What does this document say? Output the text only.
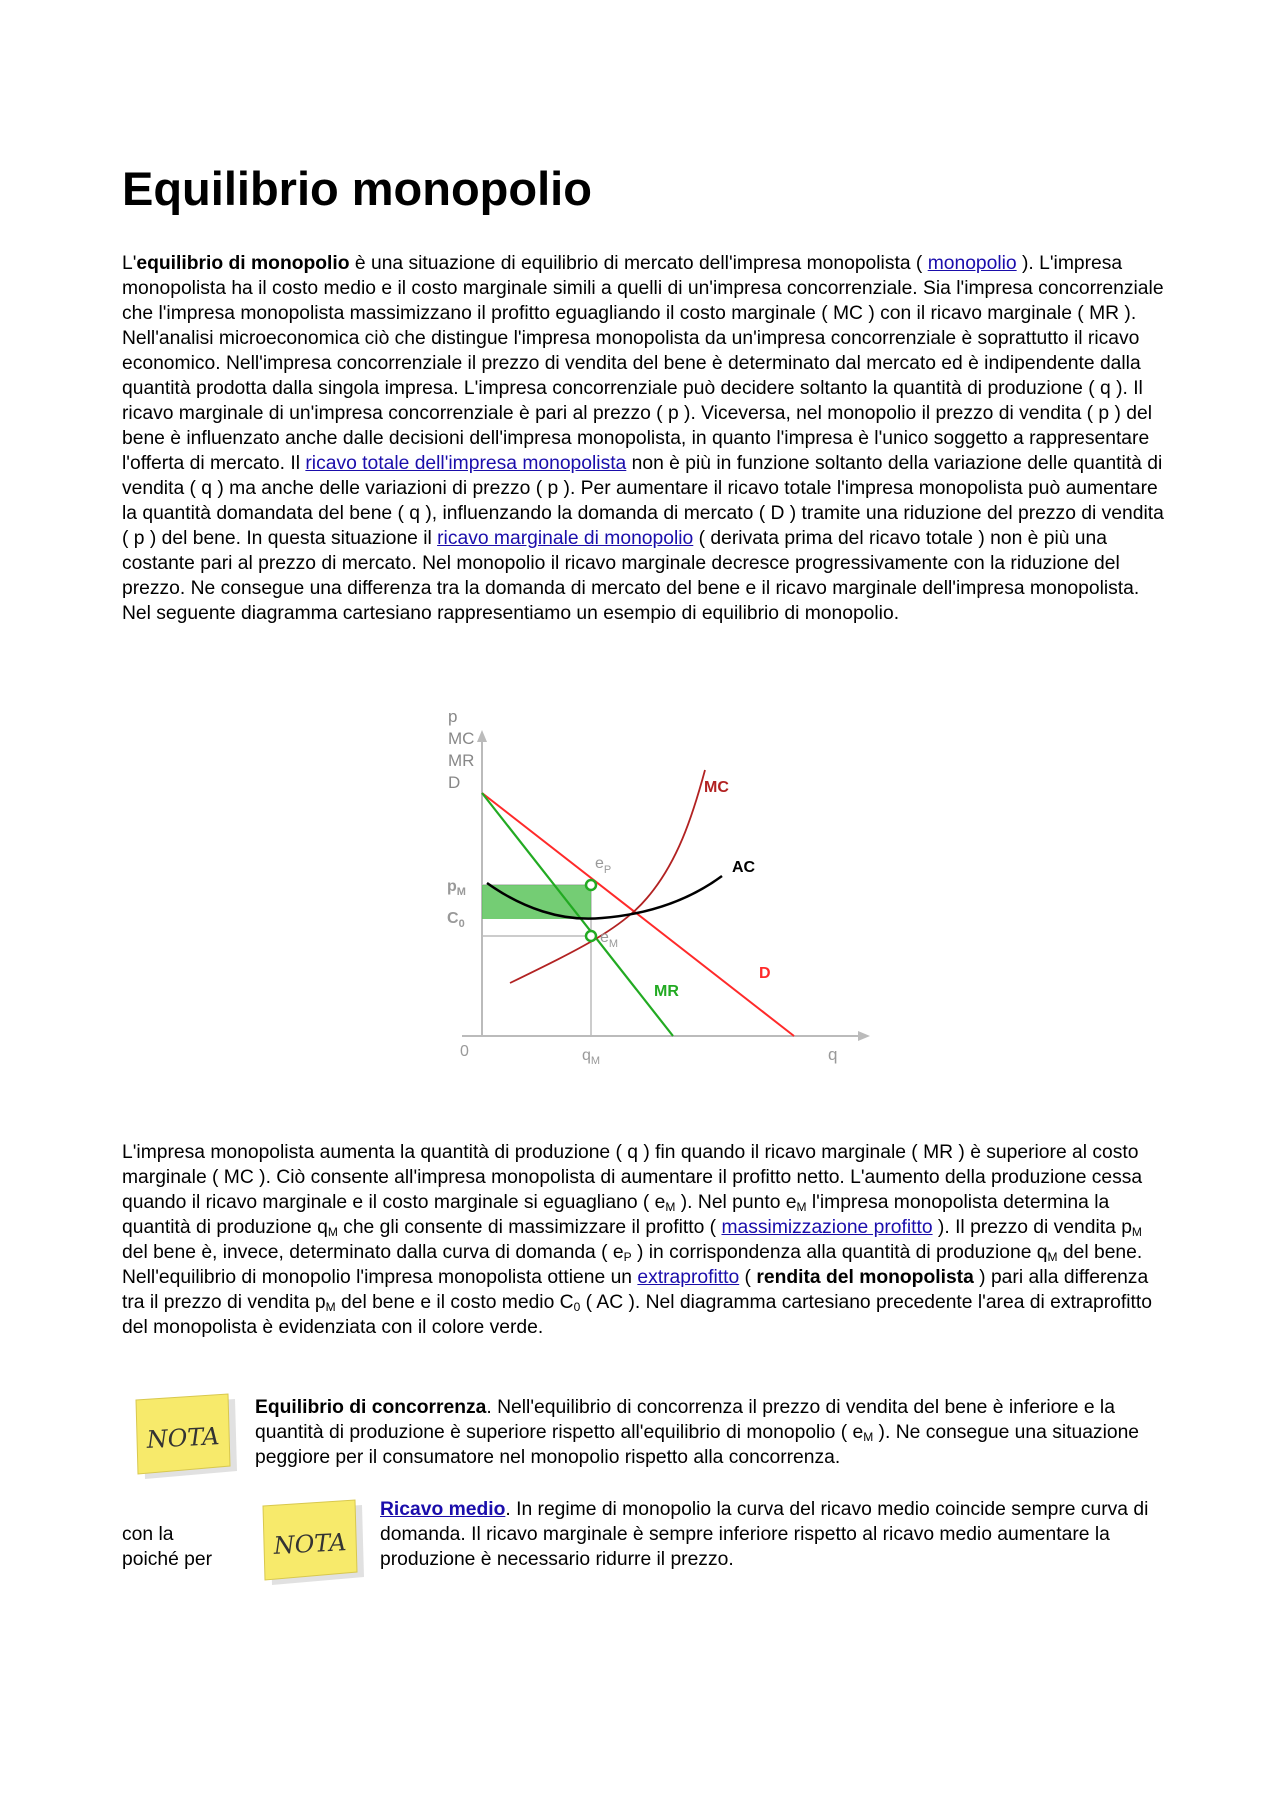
Equilibrio monopolio

L'equilibrio di monopolio è una situazione di equilibrio di mercato dell'impresa monopolista ( monopolio ). L'impresa monopolista ha il costo medio e il costo marginale simili a quelli di un'impresa concorrenziale. Sia l'impresa concorrenziale che l'impresa monopolista massimizzano il profitto eguagliando il costo marginale ( MC ) con il ricavo marginale ( MR ). Nell'analisi microeconomica ciò che distingue l'impresa monopolista da un'impresa concorrenziale è soprattutto il ricavo economico. Nell'impresa concorrenziale il prezzo di vendita del bene è determinato dal mercato ed è indipendente dalla quantità prodotta dalla singola impresa. L'impresa concorrenziale può decidere soltanto la quantità di produzione ( q ). Il ricavo marginale di un'impresa concorrenziale è pari al prezzo ( p ). Viceversa, nel monopolio il prezzo di vendita ( p ) del bene è influenzato anche dalle decisioni dell'impresa monopolista, in quanto l'impresa è l'unico soggetto a rappresentare l'offerta di mercato. Il ricavo totale dell'impresa monopolista non è più in funzione soltanto della variazione delle quantità di vendita ( q ) ma anche delle variazioni di prezzo ( p ). Per aumentare il ricavo totale l'impresa monopolista può aumentare la quantità domandata del bene ( q ), influenzando la domanda di mercato ( D ) tramite una riduzione del prezzo di vendita ( p ) del bene. In questa situazione il ricavo marginale di monopolio ( derivata prima del ricavo totale ) non è più una costante pari al prezzo di mercato. Nel monopolio il ricavo marginale decresce progressivamente con la riduzione del prezzo. Ne consegue una differenza tra la domanda di mercato del bene e il ricavo marginale dell'impresa monopolista. Nel seguente diagramma cartesiano rappresentiamo un esempio di equilibrio di monopolio.

p
MC
MR
D
$e_P$
$e_M$
MC
AC
MR
D
$p_M$
$C_0$
0	$q_M$	q

L'impresa monopolista aumenta la quantità di produzione ( q ) fin quando il ricavo marginale ( MR ) è superiore al costo marginale ( MC ). Ciò consente all'impresa monopolista di aumentare il profitto netto. L'aumento della produzione cessa quando il ricavo marginale e il costo marginale si eguagliano ( $e_M$ ). Nel punto $e_M$ l'impresa monopolista determina la quantità di produzione $q_M$ che gli consente di massimizzare il profitto ( massimizzazione profitto ). Il prezzo di vendita $p_M$ del bene è, invece, determinato dalla curva di domanda ( $e_P$ ) in corrispondenza alla quantità di produzione $q_M$ del bene. Nell'equilibrio di monopolio l'impresa monopolista ottiene un extraprofitto ( rendita del monopolista ) pari alla differenza tra il prezzo di vendita $p_M$ del bene e il costo medio $C_0$ ( AC ). Nel diagramma cartesiano precedente l'area di extraprofitto del monopolista è evidenziata con il colore verde.

NOTA
Equilibrio di concorrenza. Nell'equilibrio di concorrenza il prezzo di vendita del bene è inferiore e la quantità di produzione è superiore rispetto all'equilibrio di monopolio ( $e_M$ ). Ne consegue una situazione peggiore per il consumatore nel monopolio rispetto alla concorrenza.
con la
poiché per	NOTA
Ricavo medio. In regime di monopolio la curva del ricavo medio coincide sempre curva di domanda. Il ricavo marginale è sempre inferiore rispetto al ricavo medio aumentare la produzione è necessario ridurre il prezzo.
